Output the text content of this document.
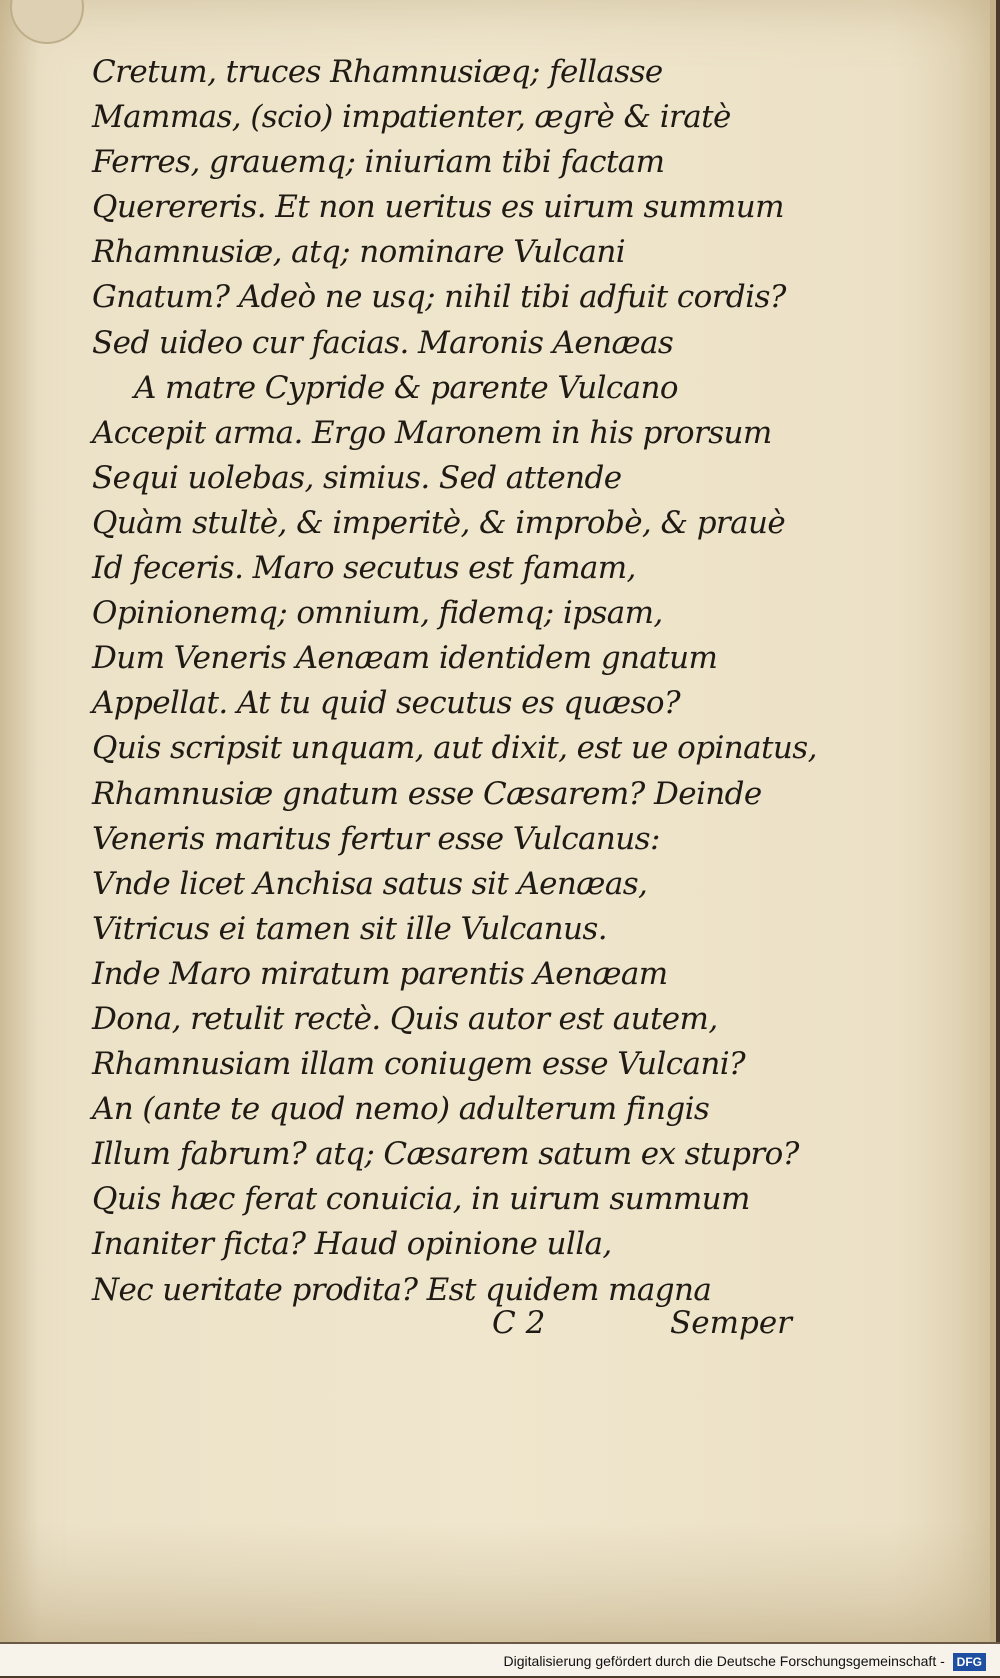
Cretum, truces Rhamnusiæq; fellasse
Mammas, (scio) impatienter, ægrè & iratè
Ferres, grauemq; iniuriam tibi factam
Querereris. Et non ueritus es uirum summum
Rhamnusiæ, atq; nominare Vulcani
Gnatum? Adeò ne usq; nihil tibi adfuit cordis?
Sed uideo cur facias. Maronis Aenæas
A matre Cypride & parente Vulcano
Accepit arma. Ergo Maronem in his prorsum
Sequi uolebas, simius. Sed attende
Quàm stultè, & imperitè, & improbè, & prauè
Id feceris. Maro secutus est famam,
Opinionemq; omnium, fidemq; ipsam,
Dum Veneris Aenæam identidem gnatum
Appellat. At tu quid secutus es quæso?
Quis scripsit unquam, aut dixit, est ue opinatus,
Rhamnusiæ gnatum esse Cæsarem? Deinde
Veneris maritus fertur esse Vulcanus:
Vnde licet Anchisa satus sit Aenæas,
Vitricus ei tamen sit ille Vulcanus.
Inde Maro miratum parentis Aenæam
Dona, retulit rectè. Quis autor est autem,
Rhamnusiam illam coniugem esse Vulcani?
An (ante te quod nemo) adulterum fingis
Illum fabrum? atq; Cæsarem satum ex stupro?
Quis hæc ferat conuicia, in uirum summum
Inaniter ficta? Haud opinione ulla,
Nec ueritate prodita? Est quidem magna
C 2	Semper
Digitalisierung gefördert durch die Deutsche Forschungsgemeinschaft - DFG
